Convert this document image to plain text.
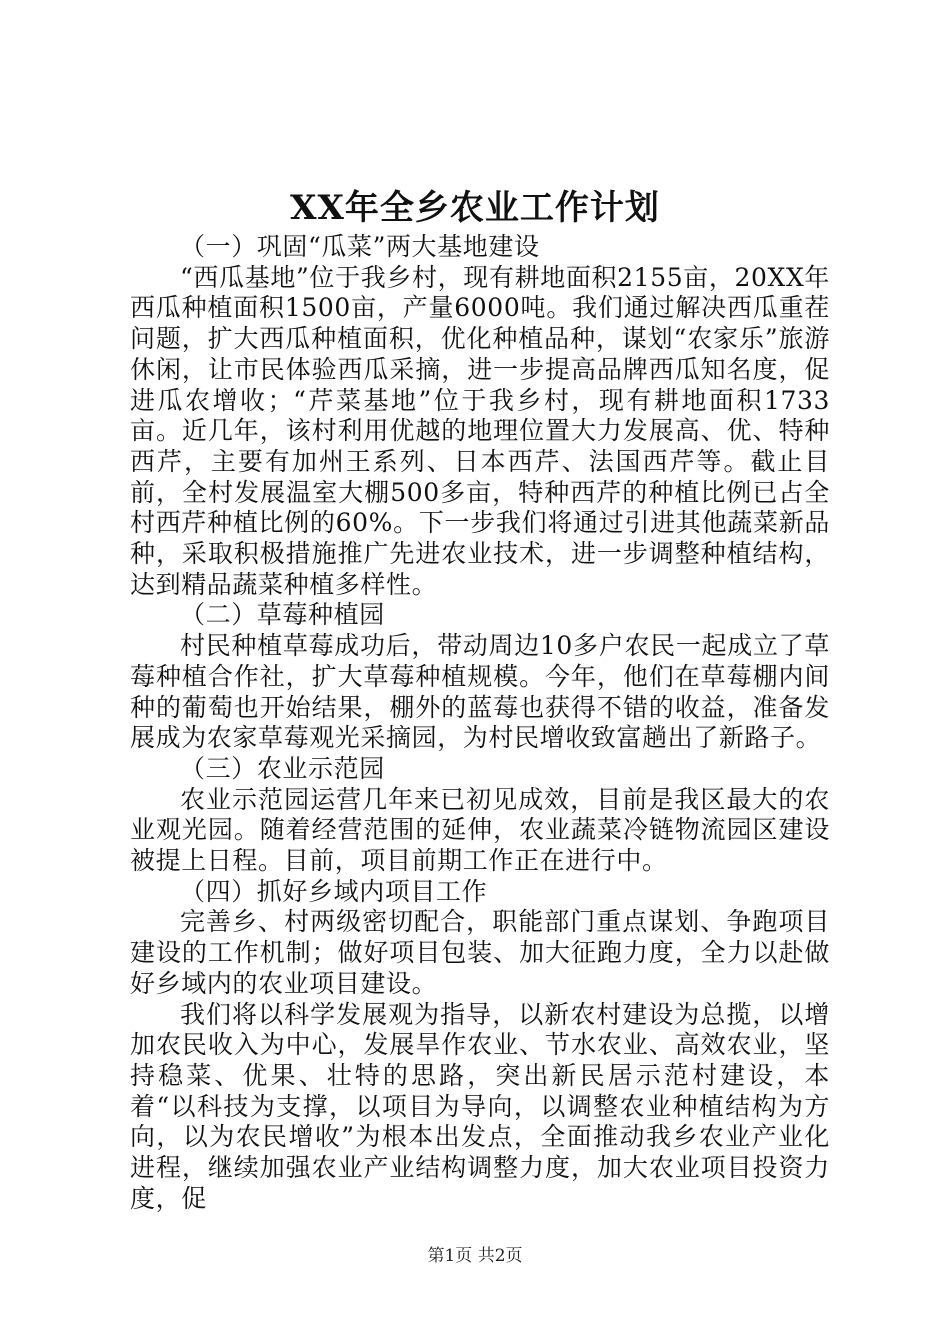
XX年全乡农业工作计划

（一）巩固“瓜菜”两大基地建设

“西瓜基地”位于我乡村，现有耕地面积2155亩，20XX年西瓜种植面积1500亩，产量6000吨。我们通过解决西瓜重茬问题，扩大西瓜种植面积，优化种植品种，谋划“农家乐”旅游休闲，让市民体验西瓜采摘，进一步提高品牌西瓜知名度，促进瓜农增收；“芹菜基地”位于我乡村，现有耕地面积1733亩。近几年，该村利用优越的地理位置大力发展高、优、特种西芹，主要有加州王系列、日本西芹、法国西芹等。截止目前，全村发展温室大棚500多亩，特种西芹的种植比例已占全村西芹种植比例的60%。下一步我们将通过引进其他蔬菜新品种，采取积极措施推广先进农业技术，进一步调整种植结构，达到精品蔬菜种植多样性。

（二）草莓种植园

村民种植草莓成功后，带动周边10多户农民一起成立了草莓种植合作社，扩大草莓种植规模。今年，他们在草莓棚内间种的葡萄也开始结果，棚外的蓝莓也获得不错的收益，准备发展成为农家草莓观光采摘园，为村民增收致富趟出了新路子。

（三）农业示范园

农业示范园运营几年来已初见成效，目前是我区最大的农业观光园。随着经营范围的延伸，农业蔬菜冷链物流园区建设被提上日程。目前，项目前期工作正在进行中。

（四）抓好乡域内项目工作

完善乡、村两级密切配合，职能部门重点谋划、争跑项目建设的工作机制；做好项目包装、加大征跑力度，全力以赴做好乡域内的农业项目建设。

我们将以科学发展观为指导，以新农村建设为总揽，以增加农民收入为中心，发展旱作农业、节水农业、高效农业，坚持稳菜、优果、壮特的思路，突出新民居示范村建设，本着“以科技为支撑，以项目为导向，以调整农业种植结构为方向，以为农民增收”为根本出发点，全面推动我乡农业产业化进程，继续加强农业产业结构调整力度，加大农业项目投资力度，促

第1页 共2页
